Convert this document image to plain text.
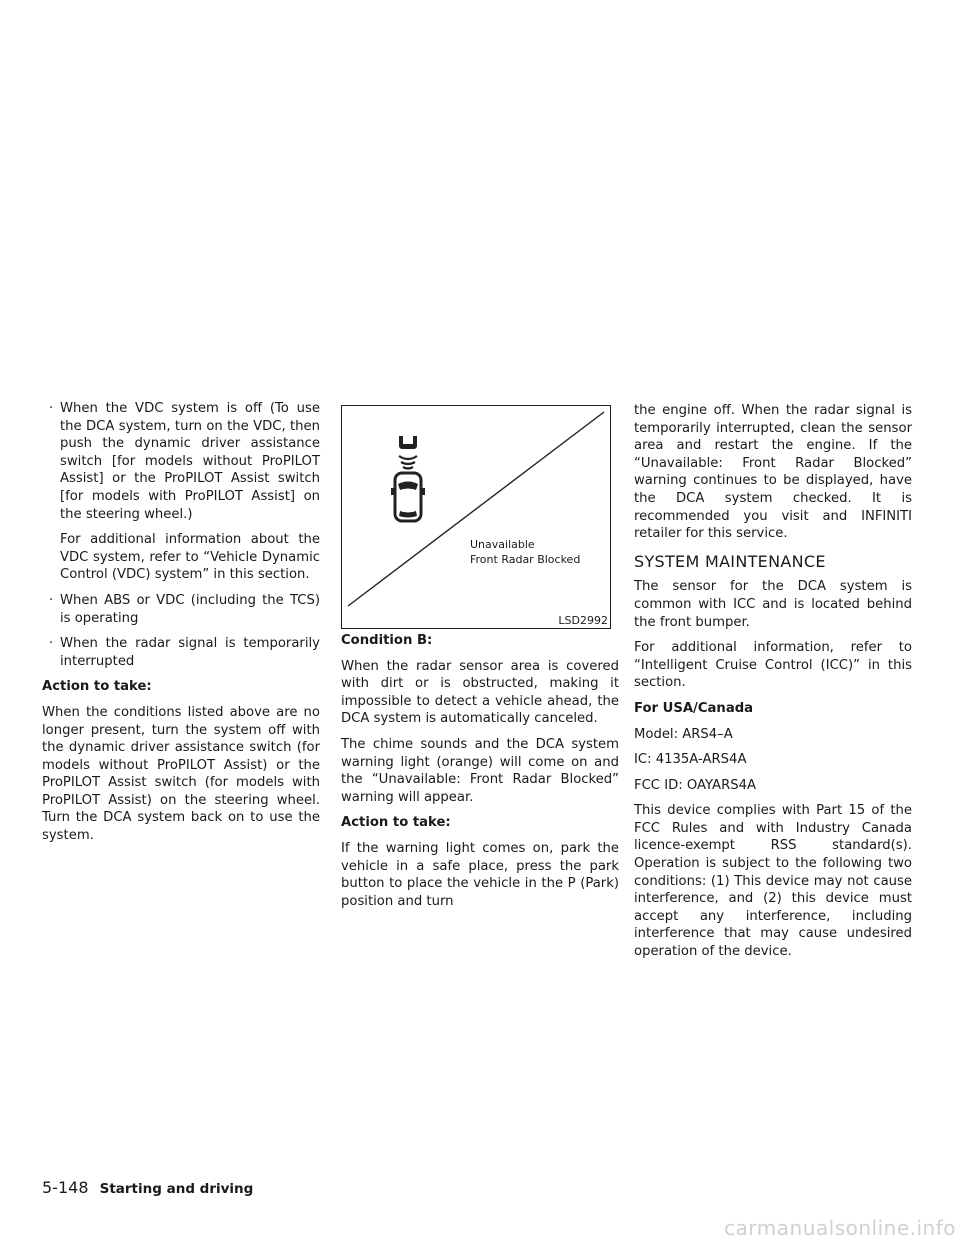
· When the VDC system is off (To use the DCA system, turn on the VDC, then push the dynamic driver assistance switch [for models without ProPILOT Assist] or the ProPILOT Assist switch [for models with ProPILOT Assist] on the steering wheel.)
For additional information about the VDC system, refer to “Vehicle Dynamic Control (VDC) system” in this section.
· When ABS or VDC (including the TCS) is operating
· When the radar signal is temporarily interrupted

Action to take:

When the conditions listed above are no longer present, turn the system off with the dynamic driver assistance switch (for models without ProPILOT Assist) or the ProPILOT Assist switch (for models with ProPILOT Assist) on the steering wheel. Turn the DCA system back on to use the system.

Unavailable
Front Radar Blocked
LSD2992

Condition B:

When the radar sensor area is covered with dirt or is obstructed, making it impossible to detect a vehicle ahead, the DCA system is automatically canceled.

The chime sounds and the DCA system warning light (orange) will come on and the “Unavailable: Front Radar Blocked” warning will appear.

Action to take:

If the warning light comes on, park the vehicle in a safe place, press the park button to place the vehicle in the P (Park) position and turn

the engine off. When the radar signal is temporarily interrupted, clean the sensor area and restart the engine. If the “Unavailable: Front Radar Blocked” warning continues to be displayed, have the DCA system checked. It is recommended you visit and INFINITI retailer for this service.

SYSTEM MAINTENANCE

The sensor for the DCA system is common with ICC and is located behind the front bumper.

For additional information, refer to “Intelligent Cruise Control (ICC)” in this section.

For USA/Canada

Model: ARS4–A

IC: 4135A-ARS4A

FCC ID: OAYARS4A

This device complies with Part 15 of the FCC Rules and with Industry Canada licence-exempt RSS standard(s). Operation is subject to the following two conditions: (1) This device may not cause interference, and (2) this device must accept any interference, including interference that may cause undesired operation of the device.

5-148 Starting and driving
carmanualsonline.info
